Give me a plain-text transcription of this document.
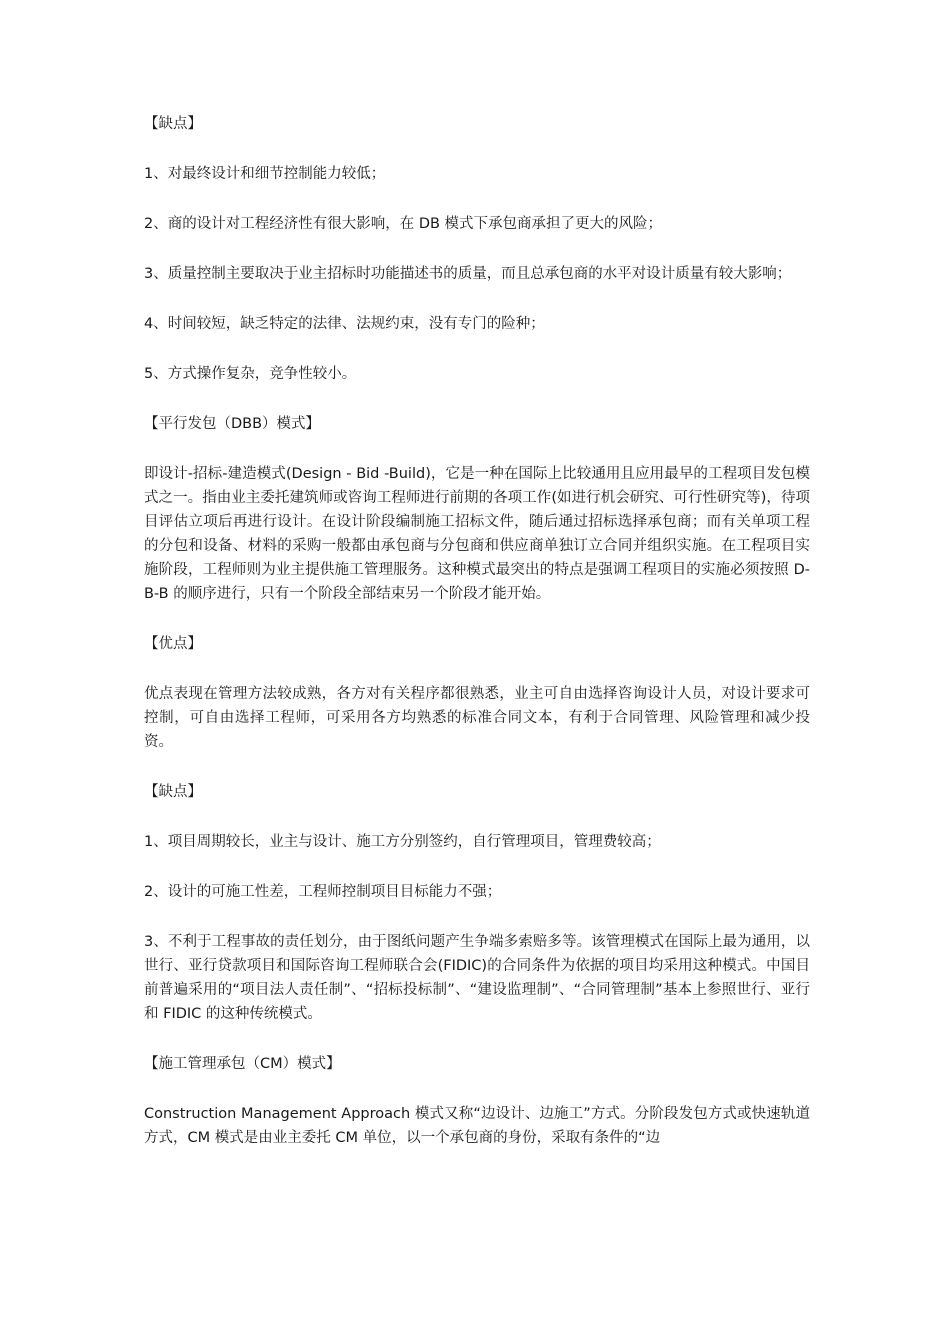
【缺点】

1、对最终设计和细节控制能力较低；

2、商的设计对工程经济性有很大影响，在 DB 模式下承包商承担了更大的风险；

3、质量控制主要取决于业主招标时功能描述书的质量，而且总承包商的水平对设计质量有较大影响；

4、时间较短，缺乏特定的法律、法规约束，没有专门的险种；

5、方式操作复杂，竞争性较小。

【平行发包（DBB）模式】

即设计-招标-建造模式(Design - Bid -Build)，它是一种在国际上比较通用且应用最早的工程项目发包模式之一。指由业主委托建筑师或咨询工程师进行前期的各项工作(如进行机会研究、可行性研究等)，待项目评估立项后再进行设计。在设计阶段编制施工招标文件，随后通过招标选择承包商；而有关单项工程的分包和设备、材料的采购一般都由承包商与分包商和供应商单独订立合同并组织实施。在工程项目实施阶段，工程师则为业主提供施工管理服务。这种模式最突出的特点是强调工程项目的实施必须按照 D-B-B 的顺序进行，只有一个阶段全部结束另一个阶段才能开始。

【优点】

优点表现在管理方法较成熟，各方对有关程序都很熟悉，业主可自由选择咨询设计人员，对设计要求可控制，可自由选择工程师，可采用各方均熟悉的标准合同文本，有利于合同管理、风险管理和减少投资。

【缺点】

1、项目周期较长，业主与设计、施工方分别签约，自行管理项目，管理费较高；

2、设计的可施工性差，工程师控制项目目标能力不强；

3、不利于工程事故的责任划分，由于图纸问题产生争端多索赔多等。该管理模式在国际上最为通用，以世行、亚行贷款项目和国际咨询工程师联合会(FIDIC)的合同条件为依据的项目均采用这种模式。中国目前普遍采用的“项目法人责任制”、“招标投标制”、“建设监理制”、“合同管理制”基本上参照世行、亚行和 FIDIC 的这种传统模式。

【施工管理承包（CM）模式】

Construction Management Approach 模式又称“边设计、边施工”方式。分阶段发包方式或快速轨道方式，CM 模式是由业主委托 CM 单位，以一个承包商的身份，采取有条件的“边
